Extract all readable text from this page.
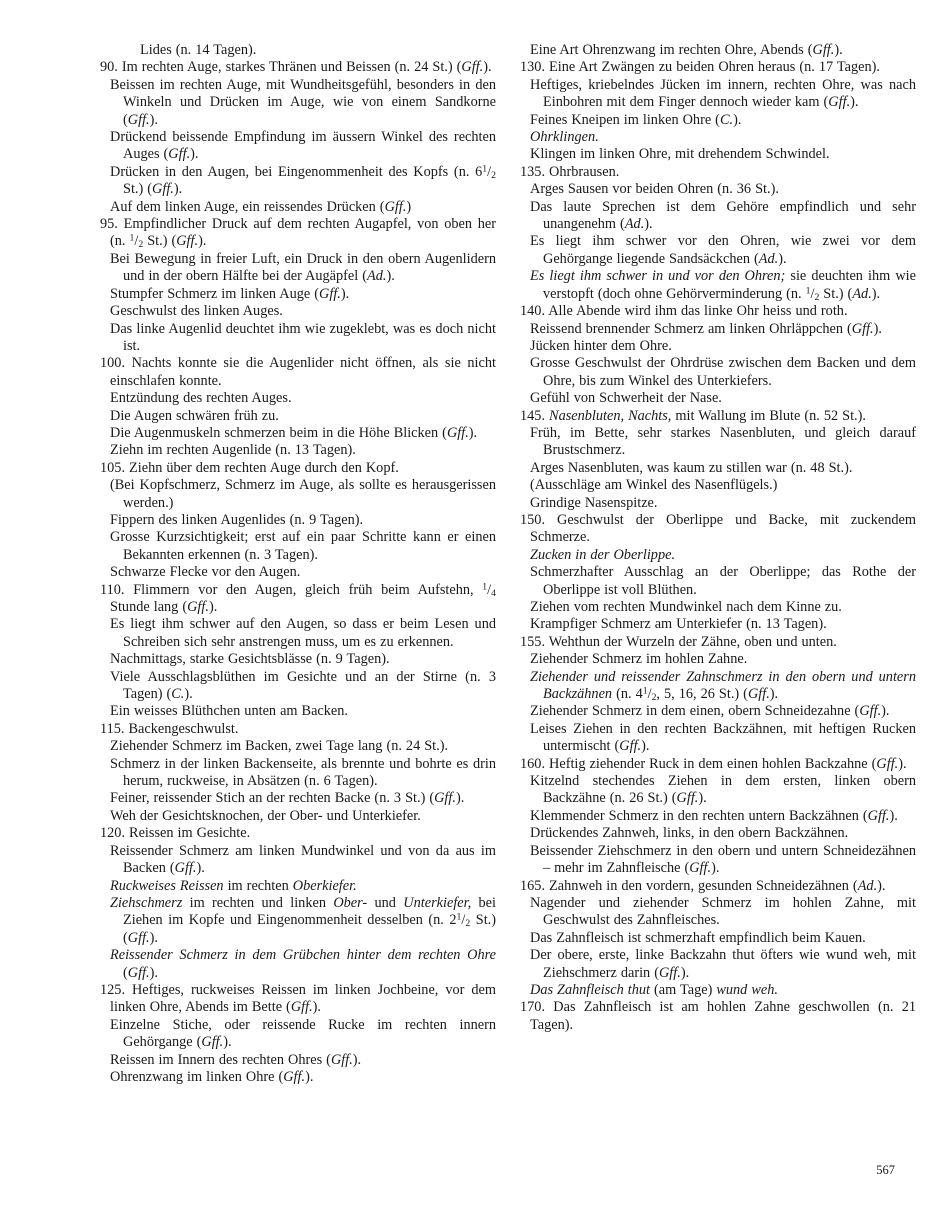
Lides (n. 14 Tagen).

90. Im rechten Auge, starkes Thränen und Beissen (n. 24 St.) (Gff.).

Beissen im rechten Auge, mit Wundheitsgefühl, besonders in den Winkeln und Drücken im Auge, wie von einem Sandkorne (Gff.).

Drückend beissende Empfindung im äussern Winkel des rechten Auges (Gff.).

Drücken in den Augen, bei Eingenommenheit des Kopfs (n. $6^1/_2$ St.) (Gff.).

Auf dem linken Auge, ein reissendes Drücken (Gff.)

95. Empfindlicher Druck auf dem rechten Augapfel, von oben her (n. $^1/_2$ St.) (Gff.).

Bei Bewegung in freier Luft, ein Druck in den obern Augenlidern und in der obern Hälfte bei der Augäpfel (Ad.).

Stumpfer Schmerz im linken Auge (Gff.).

Geschwulst des linken Auges.

Das linke Augenlid deuchtet ihm wie zugeklebt, was es doch nicht ist.

100. Nachts konnte sie die Augenlider nicht öffnen, als sie nicht einschlafen konnte.

Entzündung des rechten Auges.

Die Augen schwären früh zu.

Die Augenmuskeln schmerzen beim in die Höhe Blicken (Gff.).

Ziehn im rechten Augenlide (n. 13 Tagen).

105. Ziehn über dem rechten Auge durch den Kopf.

(Bei Kopfschmerz, Schmerz im Auge, als sollte es herausgerissen werden.)

Fippern des linken Augenlides (n. 9 Tagen).

Grosse Kurzsichtigkeit; erst auf ein paar Schritte kann er einen Bekannten erkennen (n. 3 Tagen).

Schwarze Flecke vor den Augen.

110. Flimmern vor den Augen, gleich früh beim Aufstehn, $^1/_4$ Stunde lang (Gff.).

Es liegt ihm schwer auf den Augen, so dass er beim Lesen und Schreiben sich sehr anstrengen muss, um es zu erkennen.

Nachmittags, starke Gesichtsblässe (n. 9 Tagen).

Viele Ausschlagsblüthen im Gesichte und an der Stirne (n. 3 Tagen) (C.).

Ein weisses Blüthchen unten am Backen.

115. Backengeschwulst.

Ziehender Schmerz im Backen, zwei Tage lang (n. 24 St.).

Schmerz in der linken Backenseite, als brennte und bohrte es drin herum, ruckweise, in Absätzen (n. 6 Tagen).

Feiner, reissender Stich an der rechten Backe (n. 3 St.) (Gff.).

Weh der Gesichtsknochen, der Ober- und Unterkiefer.

120. Reissen im Gesichte.

Reissender Schmerz am linken Mundwinkel und von da aus im Backen (Gff.).

Ruckweises Reissen im rechten Oberkiefer.

Ziehschmerz im rechten und linken Ober- und Unterkiefer, bei Ziehen im Kopfe und Eingenommenheit desselben (n. $2^1/_2$ St.) (Gff.).

Reissender Schmerz in dem Grübchen hinter dem rechten Ohre (Gff.).

125. Heftiges, ruckweises Reissen im linken Jochbeine, vor dem linken Ohre, Abends im Bette (Gff.).

Einzelne Stiche, oder reissende Rucke im rechten innern Gehörgange (Gff.).

Reissen im Innern des rechten Ohres (Gff.).

Ohrenzwang im linken Ohre (Gff.).

Eine Art Ohrenzwang im rechten Ohre, Abends (Gff.).

130. Eine Art Zwängen zu beiden Ohren heraus (n. 17 Tagen).

Heftiges, kriebelndes Jücken im innern, rechten Ohre, was nach Einbohren mit dem Finger dennoch wieder kam (Gff.).

Feines Kneipen im linken Ohre (C.).

Ohrklingen.

Klingen im linken Ohre, mit drehendem Schwindel.

135. Ohrbrausen.

Arges Sausen vor beiden Ohren (n. 36 St.).

Das laute Sprechen ist dem Gehöre empfindlich und sehr unangenehm (Ad.).

Es liegt ihm schwer vor den Ohren, wie zwei vor dem Gehörgange liegende Sandsäckchen (Ad.).

Es liegt ihm schwer in und vor den Ohren; sie deuchten ihm wie verstopft (doch ohne Gehörverminderung (n. $^1/_2$ St.) (Ad.).

140. Alle Abende wird ihm das linke Ohr heiss und roth.

Reissend brennender Schmerz am linken Ohrläppchen (Gff.).

Jücken hinter dem Ohre.

Grosse Geschwulst der Ohrdrüse zwischen dem Backen und dem Ohre, bis zum Winkel des Unterkiefers.

Gefühl von Schwerheit der Nase.

145. Nasenbluten, Nachts, mit Wallung im Blute (n. 52 St.).

Früh, im Bette, sehr starkes Nasenbluten, und gleich darauf Brustschmerz.

Arges Nasenbluten, was kaum zu stillen war (n. 48 St.).

(Ausschläge am Winkel des Nasenflügels.)

Grindige Nasenspitze.

150. Geschwulst der Oberlippe und Backe, mit zuckendem Schmerze.

Zucken in der Oberlippe.

Schmerzhafter Ausschlag an der Oberlippe; das Rothe der Oberlippe ist voll Blüthen.

Ziehen vom rechten Mundwinkel nach dem Kinne zu.

Krampfiger Schmerz am Unterkiefer (n. 13 Tagen).

155. Wehthun der Wurzeln der Zähne, oben und unten.

Ziehender Schmerz im hohlen Zahne.

Ziehender und reissender Zahnschmerz in den obern und untern Backzähnen (n. $4^1/_2$, 5, 16, 26 St.) (Gff.).

Ziehender Schmerz in dem einen, obern Schneidezahne (Gff.).

Leises Ziehen in den rechten Backzähnen, mit heftigen Rucken untermischt (Gff.).

160. Heftig ziehender Ruck in dem einen hohlen Backzahne (Gff.).

Kitzelnd stechendes Ziehen in dem ersten, linken obern Backzähne (n. 26 St.) (Gff.).

Klemmender Schmerz in den rechten untern Backzähnen (Gff.).

Drückendes Zahnweh, links, in den obern Backzähnen.

Beissender Ziehschmerz in den obern und untern Schneidezähnen – mehr im Zahnfleische (Gff.).

165. Zahnweh in den vordern, gesunden Schneidezähnen (Ad.).

Nagender und ziehender Schmerz im hohlen Zahne, mit Geschwulst des Zahnfleisches.

Das Zahnfleisch ist schmerzhaft empfindlich beim Kauen.

Der obere, erste, linke Backzahn thut öfters wie wund weh, mit Ziehschmerz darin (Gff.).

Das Zahnfleisch thut (am Tage) wund weh.

170. Das Zahnfleisch ist am hohlen Zahne geschwollen (n. 21 Tagen).

567
